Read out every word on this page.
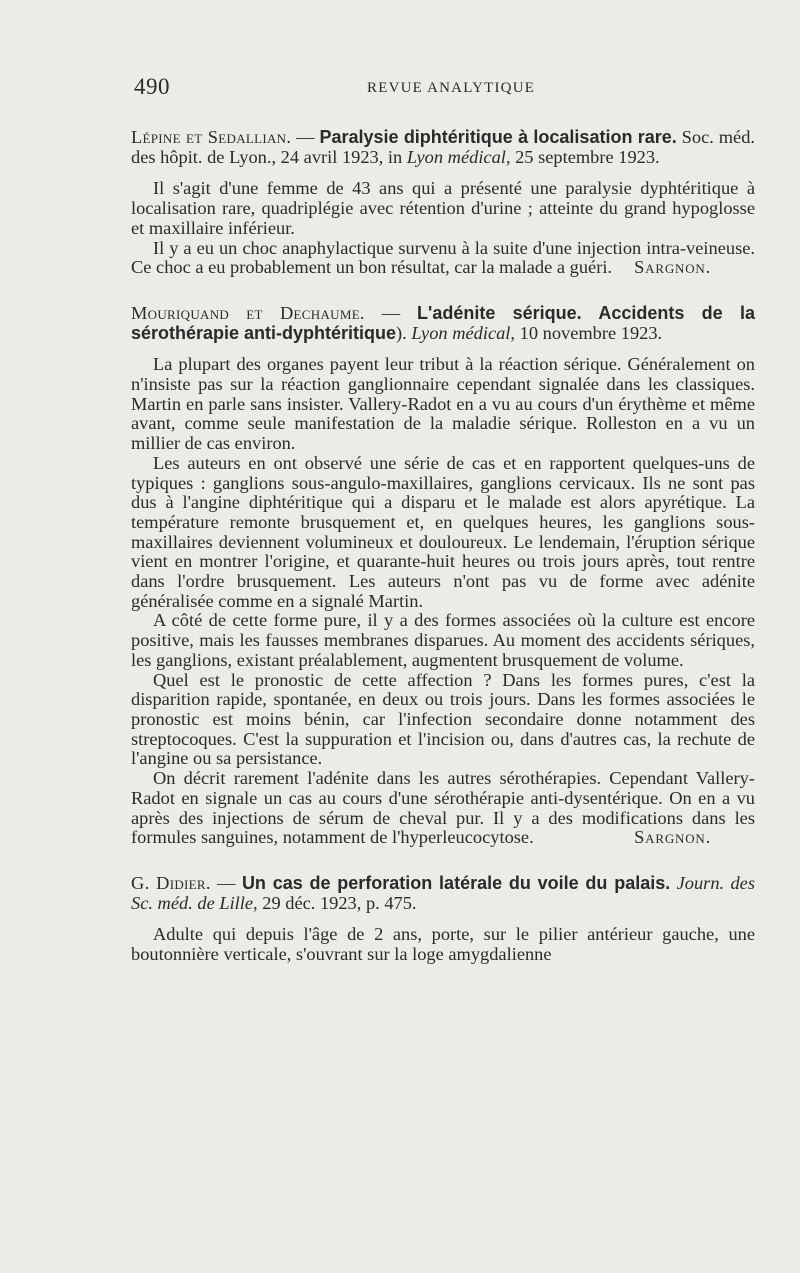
490	REVUE ANALYTIQUE
Lépine et Sedallian. — Paralysie diphtéritique à localisation rare. Soc. méd. des hôpit. de Lyon., 24 avril 1923, in Lyon médical, 25 septembre 1923.

Il s'agit d'une femme de 43 ans qui a présenté une paralysie dyphtéritique à localisation rare, quadriplégie avec rétention d'urine ; atteinte du grand hypoglosse et maxillaire inférieur.

Il y a eu un choc anaphylactique survenu à la suite d'une injection intra-veineuse. Ce choc a eu probablement un bon résultat, car la malade a guéri.	Sargnon.

Mouriquand et Dechaume. — L'adénite sérique. Accidents de la sérothérapie anti-dyphtéritique). Lyon médical, 10 novembre 1923.

La plupart des organes payent leur tribut à la réaction sérique. Généralement on n'insiste pas sur la réaction ganglionnaire cependant signalée dans les classiques. Martin en parle sans insister. Vallery-Radot en a vu au cours d'un érythème et même avant, comme seule manifestation de la maladie sérique. Rolleston en a vu un millier de cas environ.

Les auteurs en ont observé une série de cas et en rapportent quelques-uns de typiques : ganglions sous-angulo-maxillaires, ganglions cervicaux. Ils ne sont pas dus à l'angine diphtéritique qui a disparu et le malade est alors apyrétique. La température remonte brusquement et, en quelques heures, les ganglions sous-maxillaires deviennent volumineux et douloureux. Le lendemain, l'éruption sérique vient en montrer l'origine, et quarante-huit heures ou trois jours après, tout rentre dans l'ordre brusquement. Les auteurs n'ont pas vu de forme avec adénite généralisée comme en a signalé Martin.

A côté de cette forme pure, il y a des formes associées où la culture est encore positive, mais les fausses membranes disparues. Au moment des accidents sériques, les ganglions, existant préalablement, augmentent brusquement de volume.

Quel est le pronostic de cette affection ? Dans les formes pures, c'est la disparition rapide, spontanée, en deux ou trois jours. Dans les formes associées le pronostic est moins bénin, car l'infection secondaire donne notamment des streptocoques. C'est la suppuration et l'incision ou, dans d'autres cas, la rechute de l'angine ou sa persistance.

On décrit rarement l'adénite dans les autres sérothérapies. Cependant Vallery-Radot en signale un cas au cours d'une sérothérapie anti-dysentérique. On en a vu après des injections de sérum de cheval pur. Il y a des modifications dans les formules sanguines, notamment de l'hyperleucocytose.	Sargnon.

G. Didier. — Un cas de perforation latérale du voile du palais. Journ. des Sc. méd. de Lille, 29 déc. 1923, p. 475.

Adulte qui depuis l'âge de 2 ans, porte, sur le pilier antérieur gauche, une boutonnière verticale, s'ouvrant sur la loge amygdalienne
